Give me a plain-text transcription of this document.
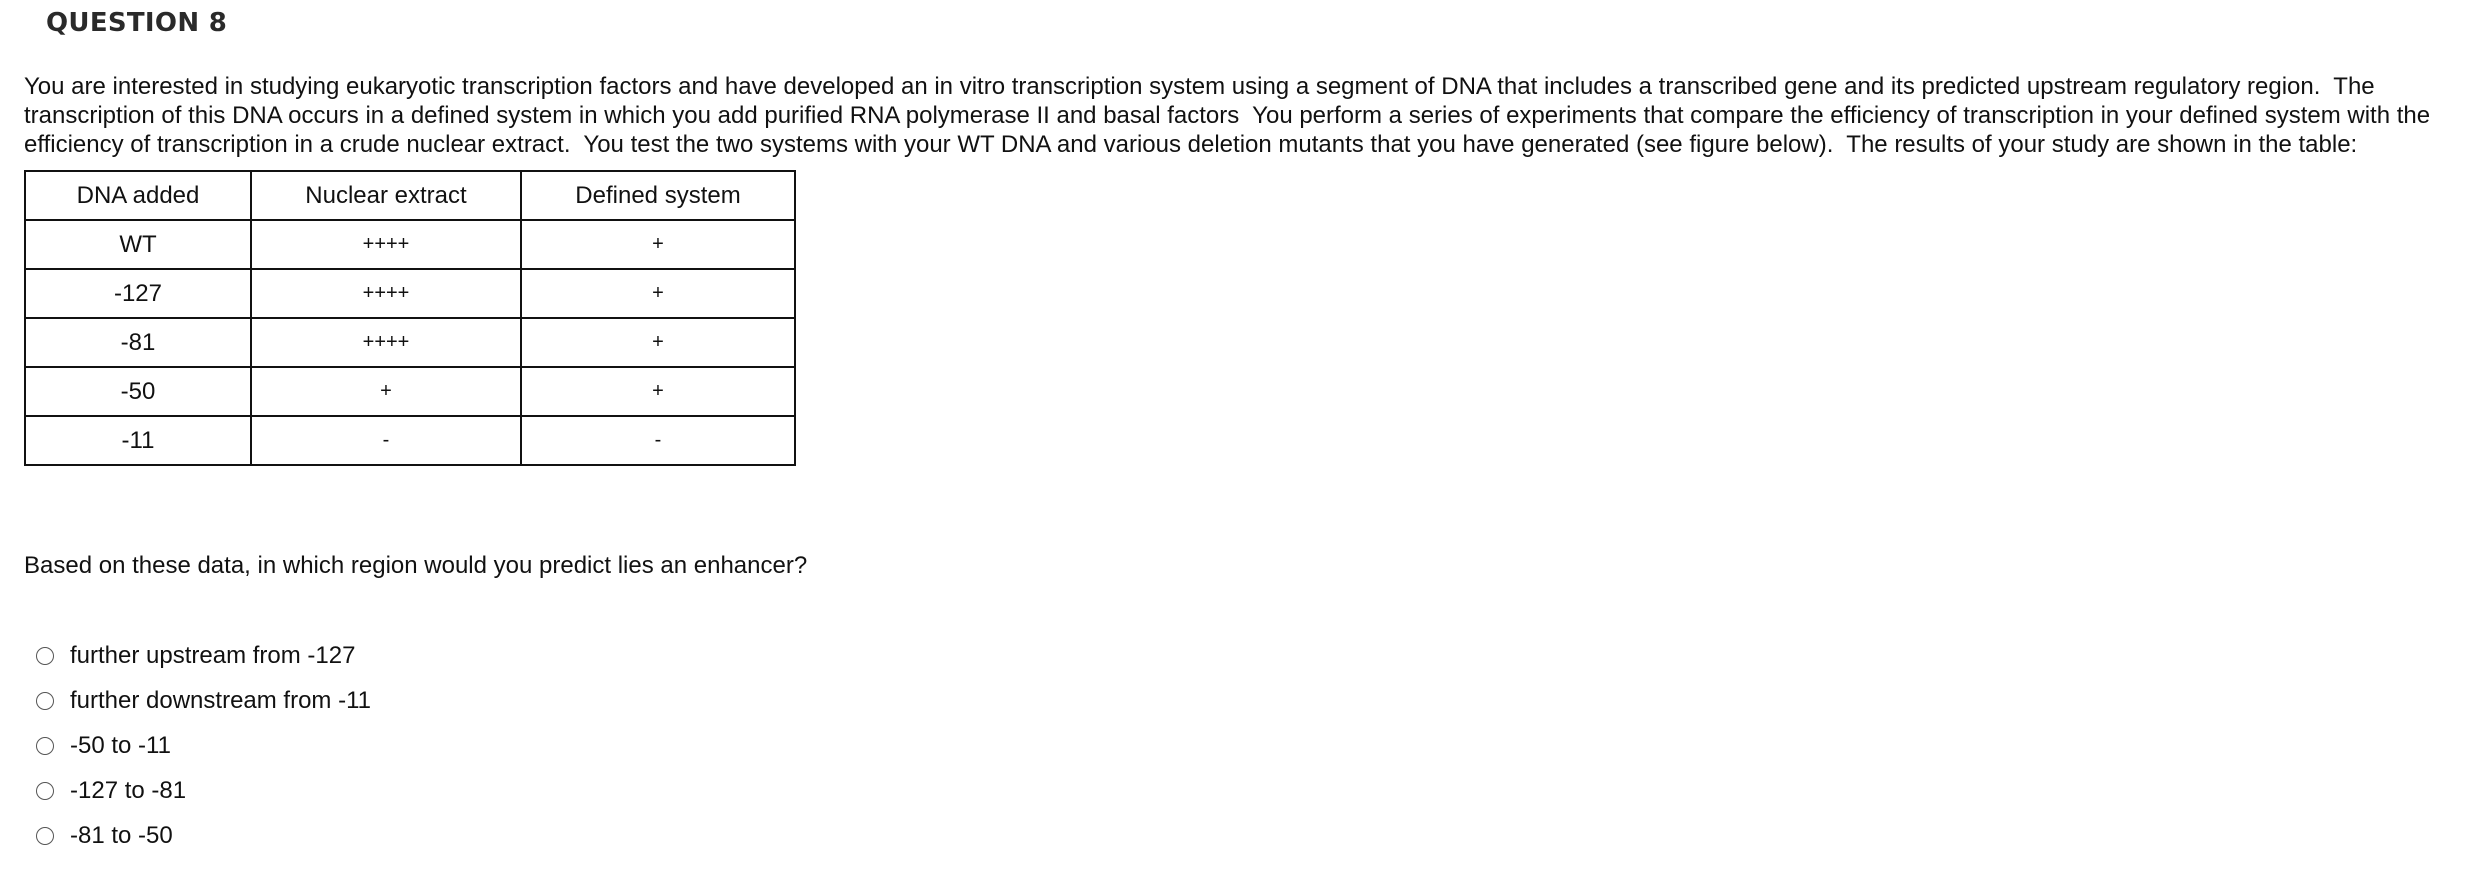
QUESTION 8
You are interested in studying eukaryotic transcription factors and have developed an in vitro transcription system using a segment of DNA that includes a transcribed gene and its predicted upstream regulatory region.  The transcription of this DNA occurs in a defined system in which you add purified RNA polymerase II and basal factors  You perform a series of experiments that compare the efficiency of transcription in your defined system with the efficiency of transcription in a crude nuclear extract.  You test the two systems with your WT DNA and various deletion mutants that you have generated (see figure below).  The results of your study are shown in the table:
DNA added	Nuclear extract	Defined system
WT	++++	+
-127	++++	+
-81	++++	+
-50	+	+
-11	-	-
Based on these data, in which region would you predict lies an enhancer?
further upstream from -127
further downstream from -11
-50 to -11
-127 to -81
-81 to -50
